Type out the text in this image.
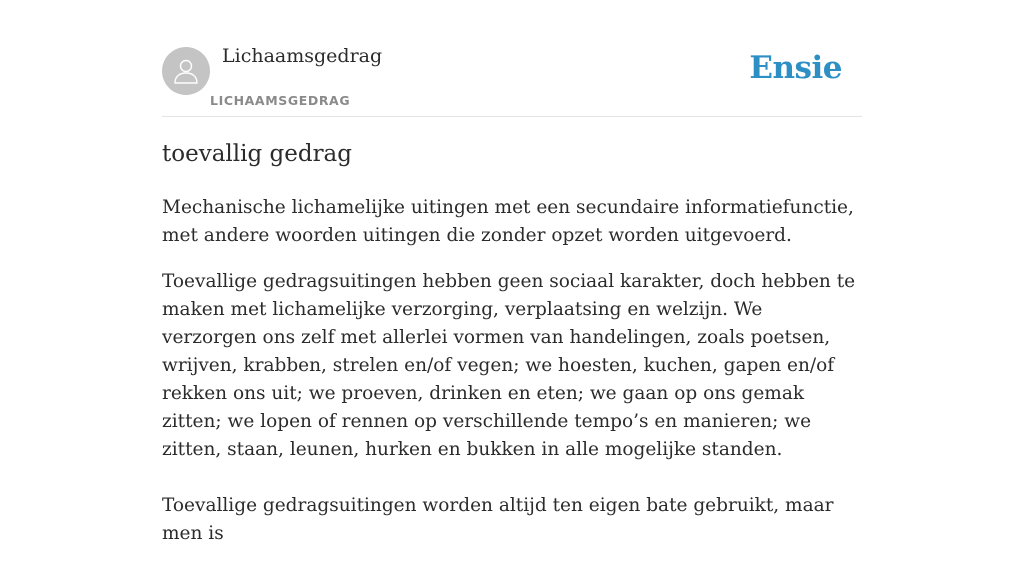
Lichaamsgedrag
LICHAAMSGEDRAG
Ensie
toevallig gedrag

Mechanische lichamelijke uitingen met een secundaire informatiefunctie, met andere woorden uitingen die zonder opzet worden uitgevoerd.

Toevallige gedragsuitingen hebben geen sociaal karakter, doch hebben te maken met lichamelijke verzorging, verplaatsing en welzijn. We verzorgen ons zelf met allerlei vormen van handelingen, zoals poetsen, wrijven, krabben, strelen en/of vegen; we hoesten, kuchen, gapen en/of rekken ons uit; we proeven, drinken en eten; we gaan op ons gemak zitten; we lopen of rennen op verschillende tempo’s en manieren; we zitten, staan, leunen, hurken en bukken in alle mogelijke standen.

Toevallige gedragsuitingen worden altijd ten eigen bate gebruikt, maar men is
